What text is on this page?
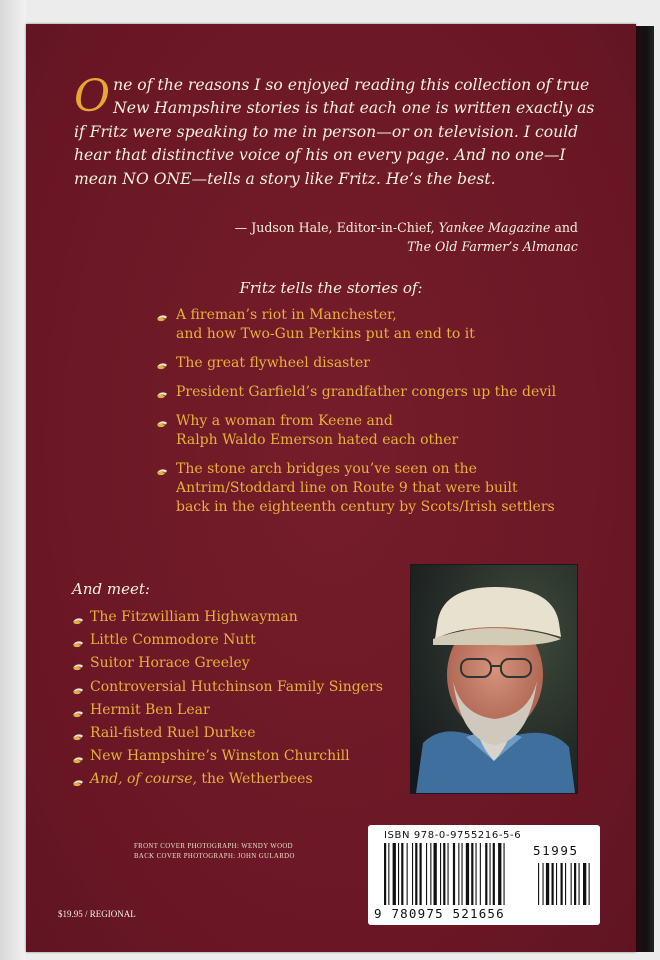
One of the reasons I so enjoyed reading this collection of true New Hampshire stories is that each one is written exactly as if Fritz were speaking to me in person—or on television. I could hear that distinctive voice of his on every page. And no one—I mean NO ONE—tells a story like Fritz. He’s the best.
— Judson Hale, Editor-in-Chief, Yankee Magazine and
The Old Farmer’s Almanac
Fritz tells the stories of:
A fireman’s riot in Manchester,
and how Two-Gun Perkins put an end to it
The great flywheel disaster
President Garfield’s grandfather congers up the devil
Why a woman from Keene and
Ralph Waldo Emerson hated each other
The stone arch bridges you’ve seen on the
Antrim/Stoddard line on Route 9 that were built
back in the eighteenth century by Scots/Irish settlers
And meet:
The Fitzwilliam Highwayman
Little Commodore Nutt
Suitor Horace Greeley
Controversial Hutchinson Family Singers
Hermit Ben Lear
Rail-fisted Ruel Durkee
New Hampshire’s Winston Churchill
And, of course, the Wetherbees
FRONT COVER PHOTOGRAPH: WENDY WOOD
BACK COVER PHOTOGRAPH: JOHN GULARDO
$19.95 / REGIONAL
ISBN 978-0-9755216-5-6
51995
9 780975 521656
